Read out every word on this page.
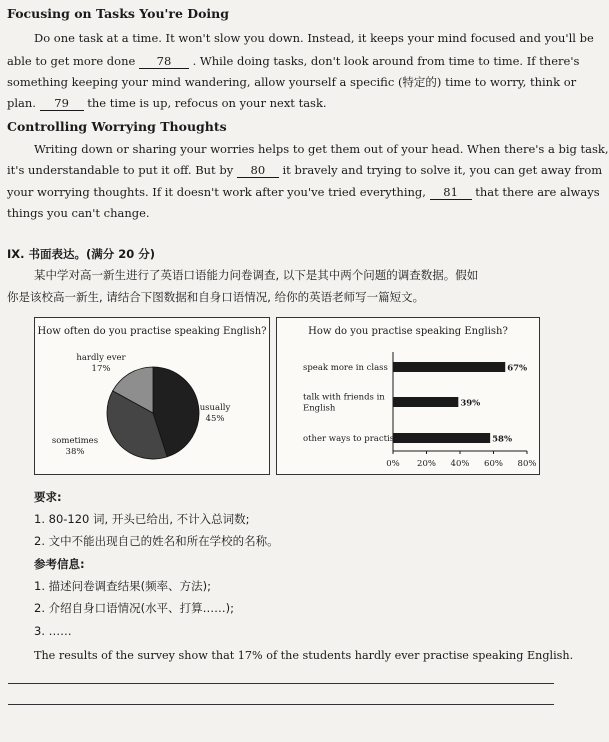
Focusing on Tasks You're Doing
Do one task at a time. It won't slow you down. Instead, it keeps your mind focused and you'll be
able to get more done 78 . While doing tasks, don't look around from time to time. If there's
something keeping your mind wandering, allow yourself a specific (特定的) time to worry, think or
plan. 79 the time is up, refocus on your next task.
Controlling Worrying Thoughts
Writing down or sharing your worries helps to get them out of your head. When there's a big task,
it's understandable to put it off. But by 80 it bravely and trying to solve it, you can get away from
your worrying thoughts. If it doesn't work after you've tried everything, 81 that there are always
things you can't change.
IX. 书面表达。(满分 20 分)
某中学对高一新生进行了英语口语能力问卷调查, 以下是其中两个问题的调查数据。假如
你是该校高一新生, 请结合下图数据和自身口语情况, 给你的英语老师写一篇短文。
How often do you practise speaking English?
usually
45%
sometimes
38%
hardly ever
17%
How do you practise speaking English?
0% 20% 40% 60% 80%
67%
speak more in class
39%
talk with friends in
English
58%
other ways to practise
要求:
1. 80-120 词, 开头已给出, 不计入总词数;
2. 文中不能出现自己的姓名和所在学校的名称。
参考信息:
1. 描述问卷调查结果(频率、方法);
2. 介绍自身口语情况(水平、打算……);
3. ……
The results of the survey show that 17% of the students hardly ever practise speaking English.
